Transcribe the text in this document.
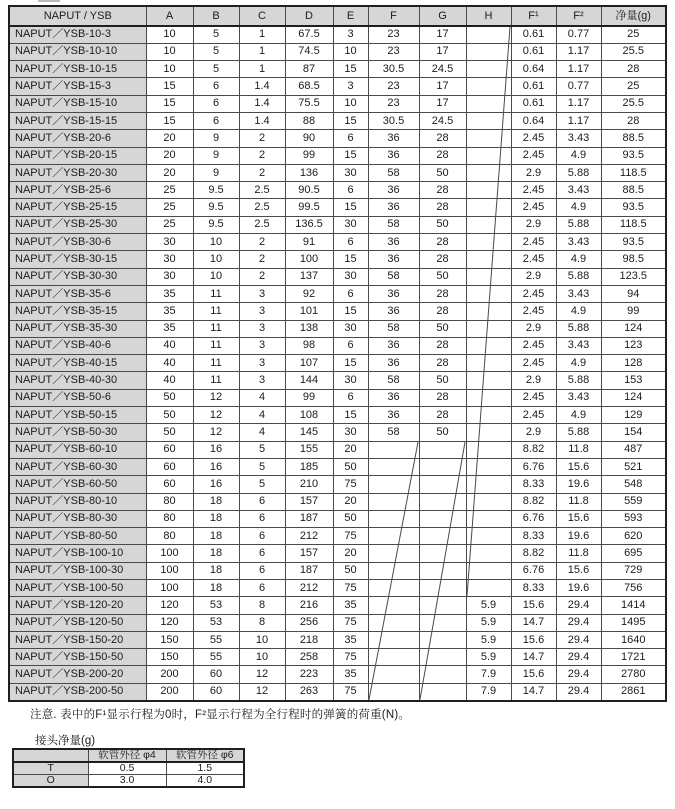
NAPUT / YSB	A	B	C	D	E	F	G	H	F¹	F²	净量(g)
NAPUT／YSB-10-3	10	5	1	67.5	3	23	17		0.61	0.77	25
NAPUT／YSB-10-10	10	5	1	74.5	10	23	17		0.61	1.17	25.5
NAPUT／YSB-10-15	10	5	1	87	15	30.5	24.5		0.64	1.17	28
NAPUT／YSB-15-3	15	6	1.4	68.5	3	23	17		0.61	0.77	25
NAPUT／YSB-15-10	15	6	1.4	75.5	10	23	17		0.61	1.17	25.5
NAPUT／YSB-15-15	15	6	1.4	88	15	30.5	24.5		0.64	1.17	28
NAPUT／YSB-20-6	20	9	2	90	6	36	28		2.45	3.43	88.5
NAPUT／YSB-20-15	20	9	2	99	15	36	28		2.45	4.9	93.5
NAPUT／YSB-20-30	20	9	2	136	30	58	50		2.9	5.88	118.5
NAPUT／YSB-25-6	25	9.5	2.5	90.5	6	36	28		2.45	3.43	88.5
NAPUT／YSB-25-15	25	9.5	2.5	99.5	15	36	28		2.45	4.9	93.5
NAPUT／YSB-25-30	25	9.5	2.5	136.5	30	58	50		2.9	5.88	118.5
NAPUT／YSB-30-6	30	10	2	91	6	36	28		2.45	3.43	93.5
NAPUT／YSB-30-15	30	10	2	100	15	36	28		2.45	4.9	98.5
NAPUT／YSB-30-30	30	10	2	137	30	58	50		2.9	5.88	123.5
NAPUT／YSB-35-6	35	11	3	92	6	36	28		2.45	3.43	94
NAPUT／YSB-35-15	35	11	3	101	15	36	28		2.45	4.9	99
NAPUT／YSB-35-30	35	11	3	138	30	58	50		2.9	5.88	124
NAPUT／YSB-40-6	40	11	3	98	6	36	28		2.45	3.43	123
NAPUT／YSB-40-15	40	11	3	107	15	36	28		2.45	4.9	128
NAPUT／YSB-40-30	40	11	3	144	30	58	50		2.9	5.88	153
NAPUT／YSB-50-6	50	12	4	99	6	36	28		2.45	3.43	124
NAPUT／YSB-50-15	50	12	4	108	15	36	28		2.45	4.9	129
NAPUT／YSB-50-30	50	12	4	145	30	58	50		2.9	5.88	154
NAPUT／YSB-60-10	60	16	5	155	20				8.82	11.8	487
NAPUT／YSB-60-30	60	16	5	185	50				6.76	15.6	521
NAPUT／YSB-60-50	60	16	5	210	75				8.33	19.6	548
NAPUT／YSB-80-10	80	18	6	157	20				8.82	11.8	559
NAPUT／YSB-80-30	80	18	6	187	50				6.76	15.6	593
NAPUT／YSB-80-50	80	18	6	212	75				8.33	19.6	620
NAPUT／YSB-100-10	100	18	6	157	20				8.82	11.8	695
NAPUT／YSB-100-30	100	18	6	187	50				6.76	15.6	729
NAPUT／YSB-100-50	100	18	6	212	75				8.33	19.6	756
NAPUT／YSB-120-20	120	53	8	216	35			5.9	15.6	29.4	1414
NAPUT／YSB-120-50	120	53	8	256	75			5.9	14.7	29.4	1495
NAPUT／YSB-150-20	150	55	10	218	35			5.9	15.6	29.4	1640
NAPUT／YSB-150-50	150	55	10	258	75			5.9	14.7	29.4	1721
NAPUT／YSB-200-20	200	60	12	223	35			7.9	15.6	29.4	2780
NAPUT／YSB-200-50	200	60	12	263	75			7.9	14.7	29.4	2861
注意. 表中的F¹显示行程为0时，F²显示行程为全行程时的弹簧的荷重(N)。
接头净量(g)
	软管外径 φ4	软管外径 φ6
T	0.5	1.5
O	3.0	4.0
